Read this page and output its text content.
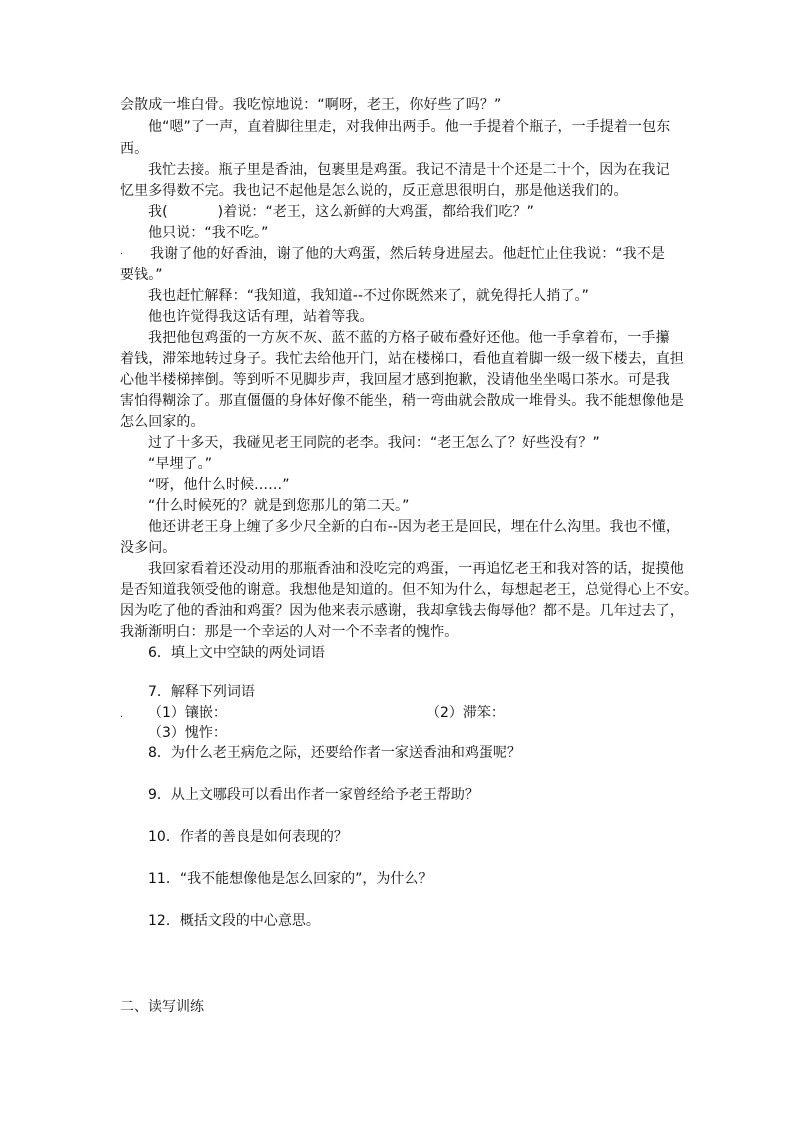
会散成一堆白骨。我吃惊地说：“啊呀，老王，你好些了吗？”
他“嗯”了一声，直着脚往里走，对我伸出两手。他一手提着个瓶子，一手提着一包东
西。
我忙去接。瓶子里是香油，包裹里是鸡蛋。我记不清是十个还是二十个，因为在我记
忆里多得数不完。我也记不起他是怎么说的，反正意思很明白，那是他送我们的。
我(	)着说：“老王，这么新鲜的大鸡蛋，都给我们吃？”
他只说：“我不吃。”
. 我谢了他的好香油，谢了他的大鸡蛋，然后转身进屋去。他赶忙止住我说：“我不是
要钱。”
我也赶忙解释：“我知道，我知道--不过你既然来了，就免得托人捎了。”
他也许觉得我这话有理，站着等我。
我把他包鸡蛋的一方灰不灰、蓝不蓝的方格子破布叠好还他。他一手拿着布，一手攥
着钱，滞笨地转过身子。我忙去给他开门，站在楼梯口，看他直着脚一级一级下楼去，直担
心他半楼梯摔倒。等到听不见脚步声，我回屋才感到抱歉，没请他坐坐喝口茶水。可是我
害怕得糊涂了。那直僵僵的身体好像不能坐，稍一弯曲就会散成一堆骨头。我不能想像他是
怎么回家的。
过了十多天，我碰见老王同院的老李。我问：“老王怎么了？好些没有？”
“早埋了。”
“呀，他什么时候……”
“什么时候死的？就是到您那儿的第二天。”
他还讲老王身上缠了多少尺全新的白布--因为老王是回民，埋在什么沟里。我也不懂，
没多问。
我回家看着还没动用的那瓶香油和没吃完的鸡蛋，一再追忆老王和我对答的话，捉摸他
是否知道我领受他的谢意。我想他是知道的。但不知为什么，每想起老王，总觉得心上不安。
因为吃了他的香油和鸡蛋？因为他来表示感谢，我却拿钱去侮辱他？都不是。几年过去了，
我渐渐明白：那是一个幸运的人对一个不幸者的愧怍。
6．填上文中空缺的两处词语
7．解释下列词语
. （1）镶嵌：	（2）滞笨：
（3）愧怍：
8．为什么老王病危之际，还要给作者一家送香油和鸡蛋呢？
9．从上文哪段可以看出作者一家曾经给予老王帮助？
10．作者的善良是如何表现的？
11．“我不能想像他是怎么回家的”，为什么？
12．概括文段的中心意思。
二、读写训练
